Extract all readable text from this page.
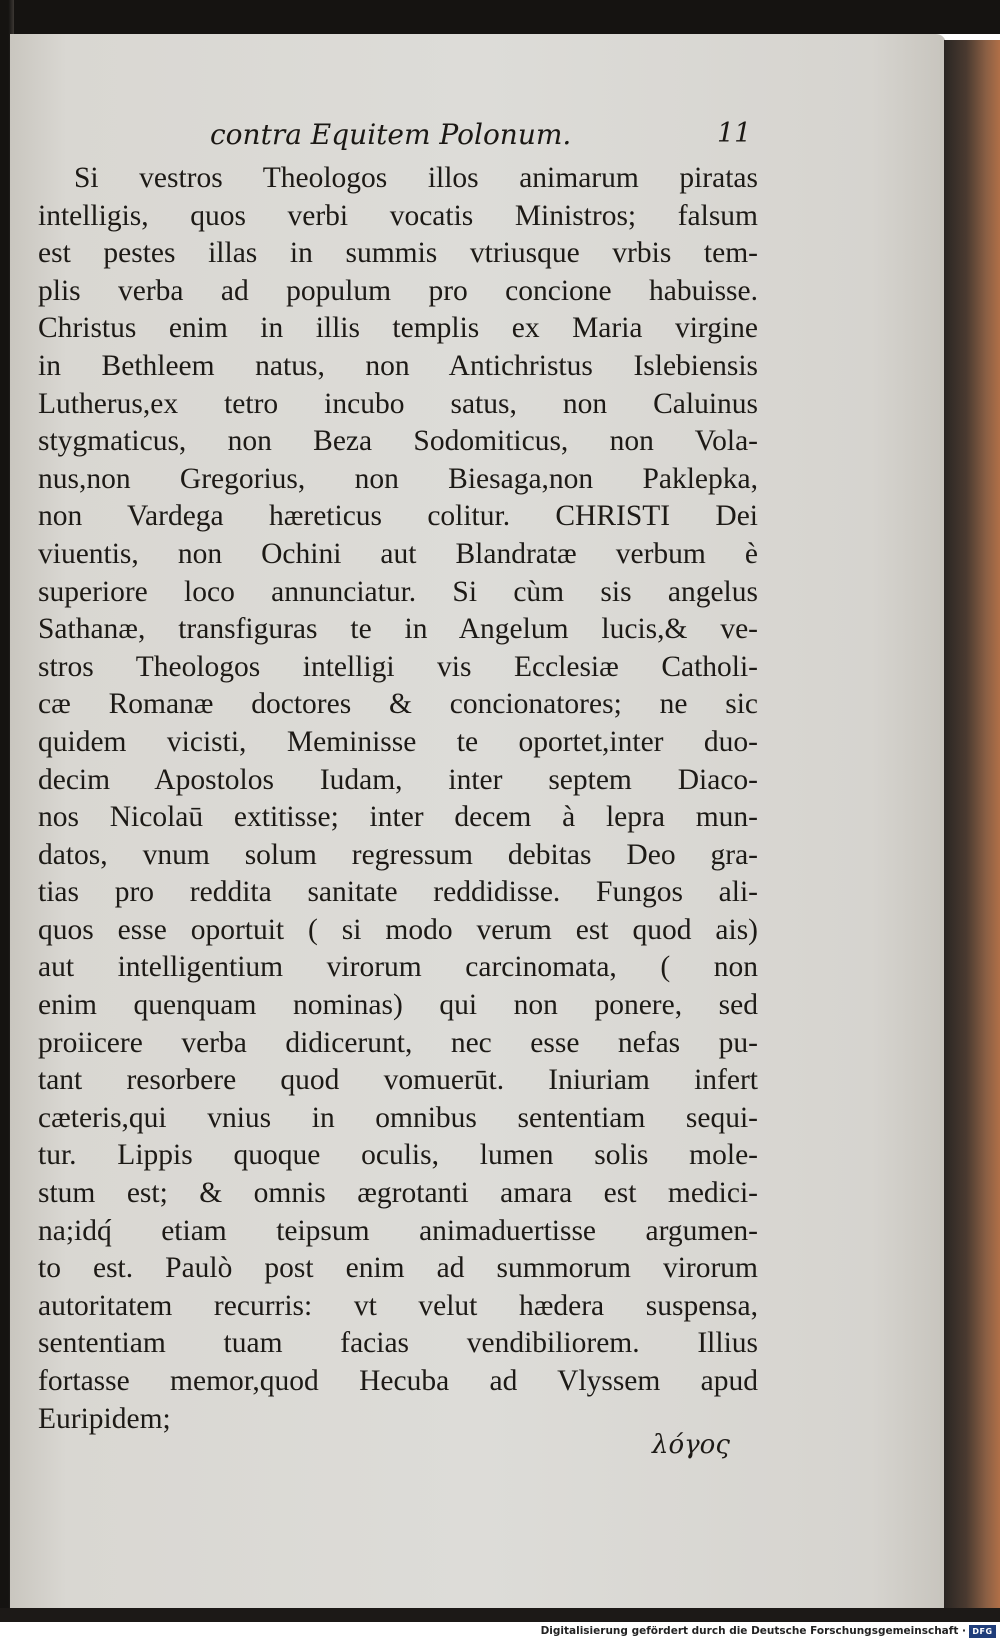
contra Equitem Polonum.	11
Si vestros Theologos illos animarum piratas
intelligis, quos verbi vocatis Ministros; falsum
est pestes illas in summis vtriusque vrbis tem-
plis verba ad populum pro concione habuisse.
Christus enim in illis templis ex Maria virgine
in Bethleem natus, non Antichristus Islebiensis
Lutherus,ex tetro incubo satus, non Caluinus
stygmaticus, non Beza Sodomiticus, non Vola-
nus,non Gregorius, non Biesaga,non Paklepka,
non Vardega hæreticus colitur. CHRISTI Dei
viuentis, non Ochini aut Blandratæ verbum è
superiore loco annunciatur. Si cùm sis angelus
Sathanæ, transfiguras te in Angelum lucis,& ve-
stros Theologos intelligi vis Ecclesiæ Catholi-
cæ Romanæ doctores & concionatores; ne sic
quidem vicisti, Meminisse te oportet,inter duo-
decim Apostolos Iudam, inter septem Diaco-
nos Nicolaū extitisse; inter decem à lepra mun-
datos, vnum solum regressum debitas Deo gra-
tias pro reddita sanitate reddidisse. Fungos ali-
quos esse oportuit ( si modo verum est quod ais)
aut intelligentium virorum carcinomata, ( non
enim quenquam nominas) qui non ponere, sed
proiicere verba didicerunt, nec esse nefas pu-
tant resorbere quod vomuerūt. Iniuriam infert
cæteris,qui vnius in omnibus sententiam sequi-
tur. Lippis quoque oculis, lumen solis mole-
stum est; & omnis ægrotanti amara est medici-
na;idq́ etiam teipsum animaduertisse argumen-
to est. Paulò post enim ad summorum virorum
autoritatem recurris: vt velut hædera suspensa,
sententiam tuam facias vendibiliorem. Illius
fortasse memor,quod Hecuba ad Vlyssem apud
Euripidem;
λόγος
Digitalisierung gefördert durch die Deutsche Forschungsgemeinschaft · DFG
